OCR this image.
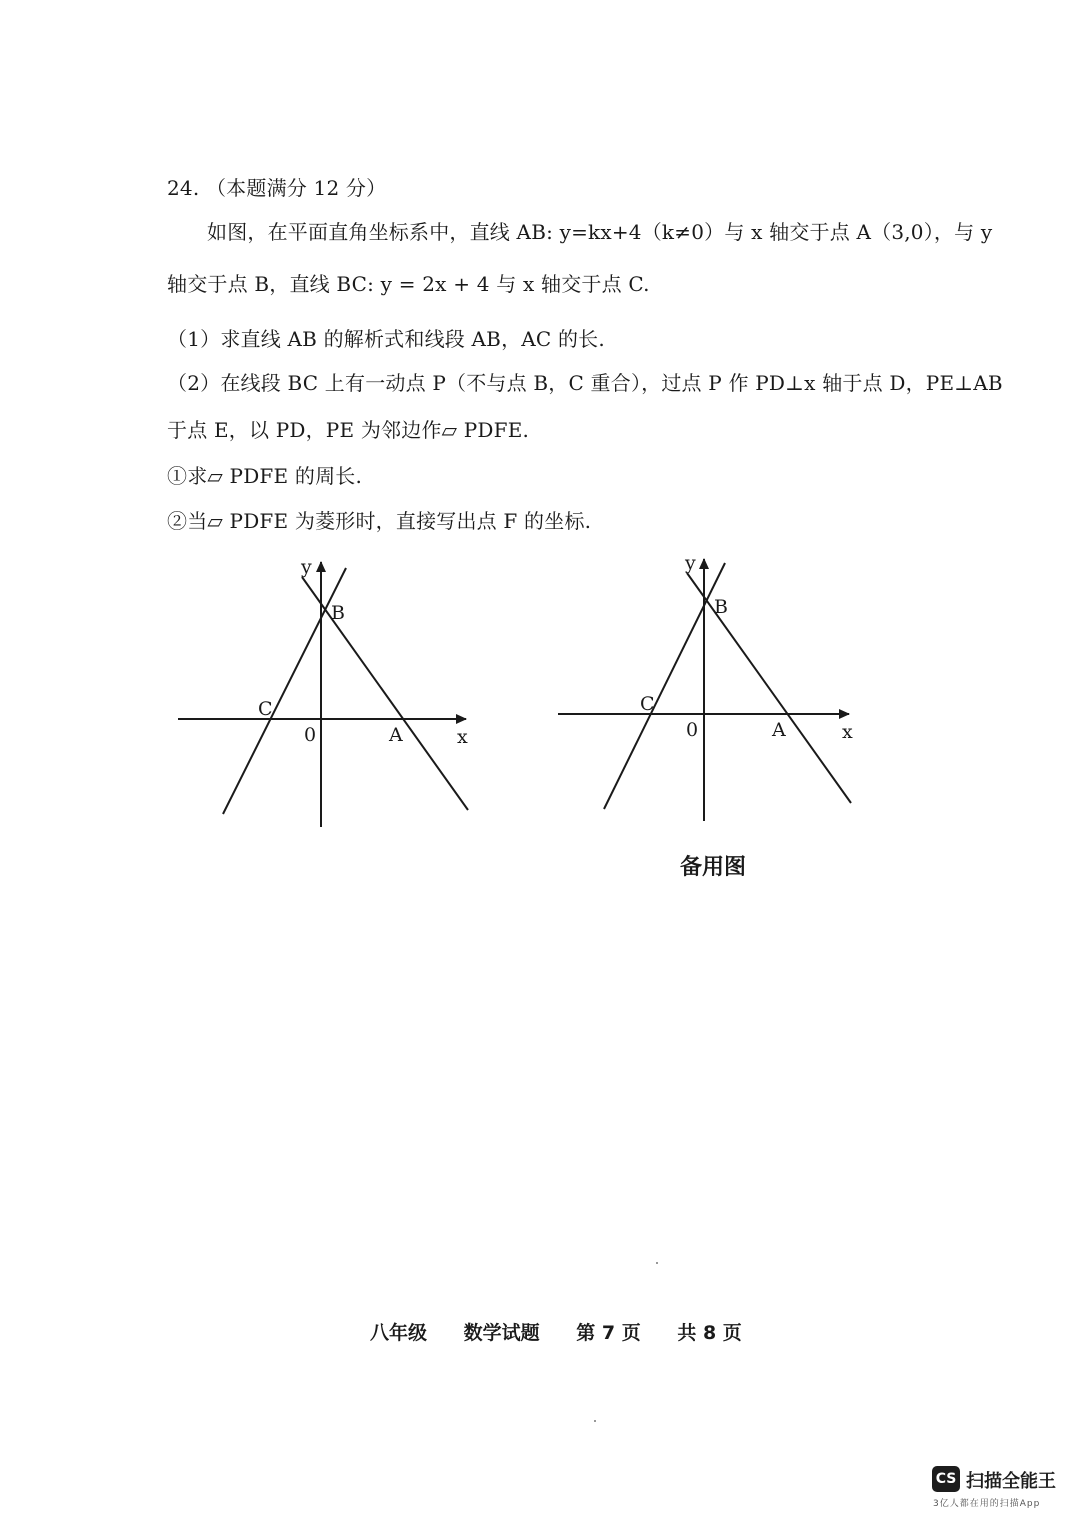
24. （本题满分 12 分）
如图，在平面直角坐标系中，直线 AB: y=kx+4（k≠0）与 x 轴交于点 A（3,0），与 y
轴交于点 B，直线 BC: y = 2x + 4 与 x 轴交于点 C.
（1）求直线 AB 的解析式和线段 AB，AC 的长.
（2）在线段 BC 上有一动点 P（不与点 B，C 重合），过点 P 作 PD⊥x 轴于点 D，PE⊥AB
于点 E，以 PD，PE 为邻边作▱ PDFE.
①求▱ PDFE 的周长.
②当▱ PDFE 为菱形时，直接写出点 F 的坐标.
y
B
C
0	A	x
y
B
C
0	A	x
备用图
八年级 数学试题 第 7 页 共 8 页
CS 扫描全能王
3亿人都在用的扫描App
